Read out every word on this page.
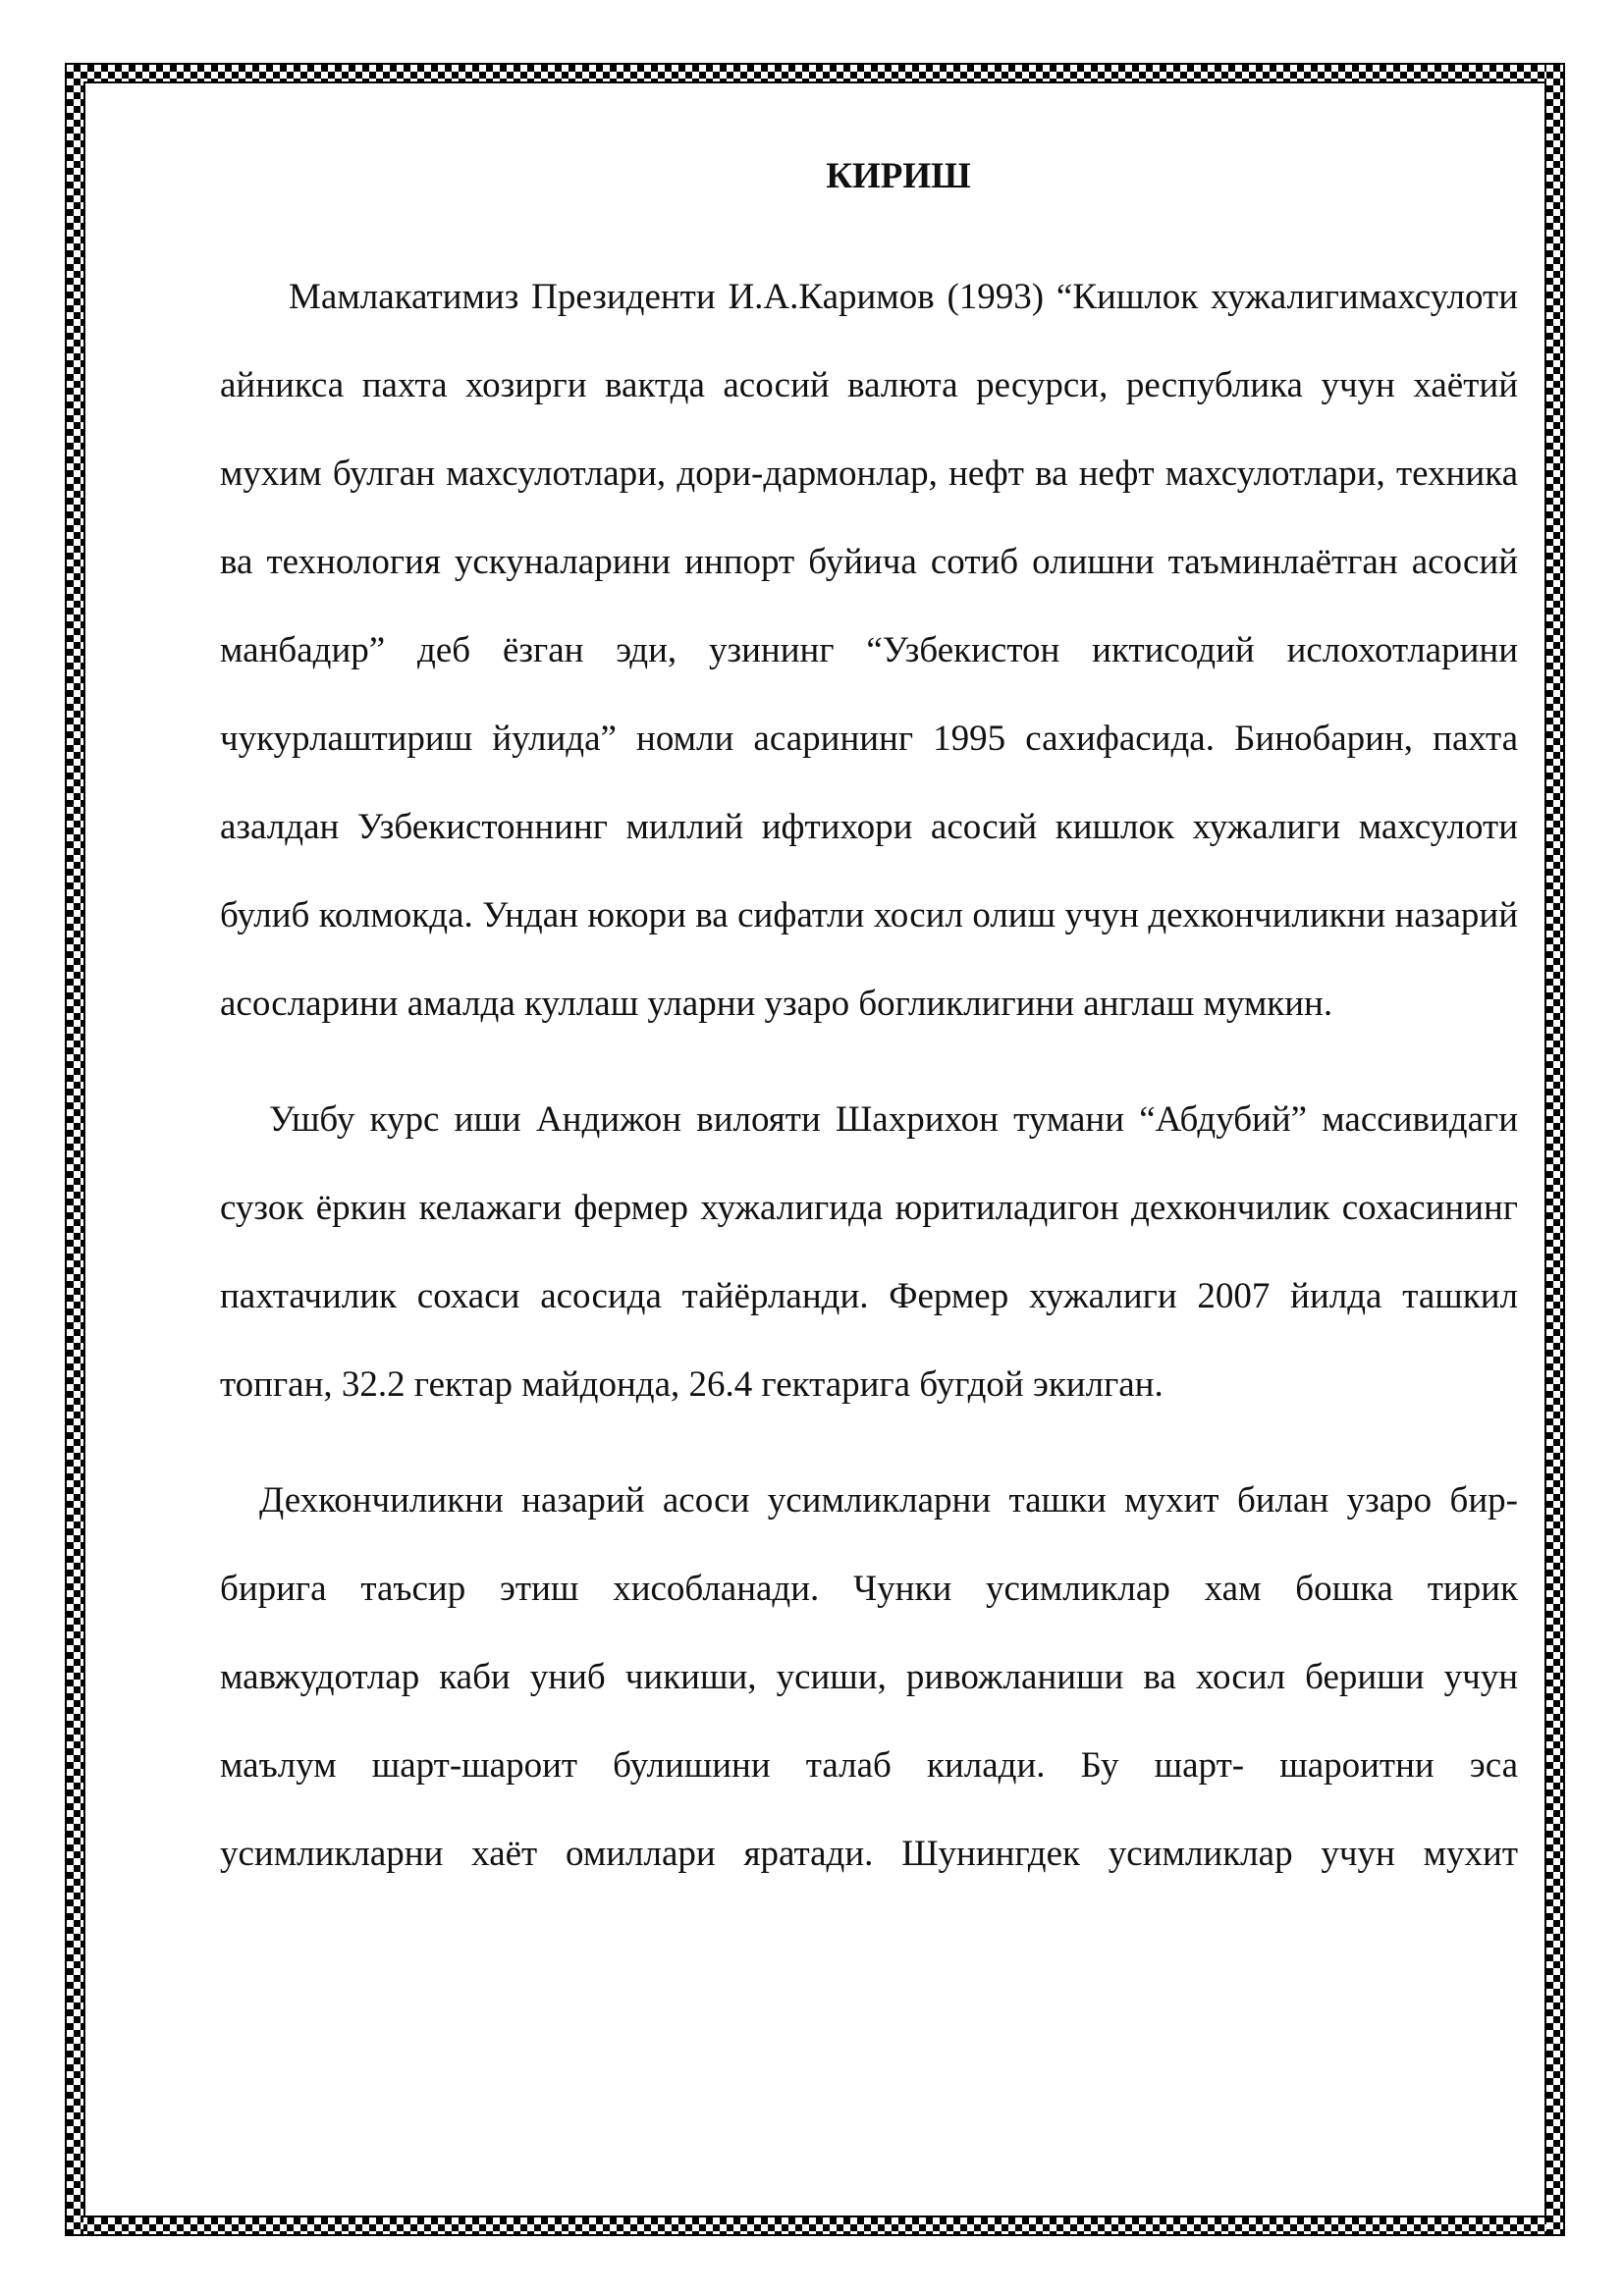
КИРИШ

Мамлакатимиз Президенти И.А.Каримов (1993) “Кишлок хужалигимахсулоти айникса пахта хозирги вактда асосий валюта ресурси, республика учун хаётий мухим булган махсулотлари, дори-дармонлар, нефт ва нефт махсулотлари, техника ва технология ускуналарини инпорт буйича сотиб олишни таъминлаётган асосий манбадир” деб ёзган эди, узининг “Узбекистон иктисодий ислохотларини чукурлаштириш йулида” номли асарининг 1995 сахифасида. Бинобарин, пахта азалдан Узбекистоннинг миллий ифтихори асосий кишлок хужалиги махсулоти булиб колмокда. Ундан юкори ва сифатли хосил олиш учун дехкончиликни назарий асосларини амалда куллаш уларни узаро богликлигини англаш мумкин.

Ушбу курс иши Андижон вилояти Шахрихон тумани “Абдубий” массивидаги сузок ёркин келажаги фермер хужалигида юритиладигон дехкончилик сохасининг пахтачилик сохаси асосида тайёрланди. Фермер хужалиги 2007 йилда ташкил топган, 32.2 гектар майдонда, 26.4 гектарига бугдой экилган.

Дехкончиликни назарий асоси усимликларни ташки мухит билан узаро бир-бирига таъсир этиш хисобланади. Чунки усимликлар хам бошка тирик мавжудотлар каби униб чикиши, усиши, ривожланиши ва хосил бериши учун маълум шарт-шароит булишини талаб килади. Бу шарт- шароитни эса усимликларни хаёт омиллари яратади. Шунингдек усимликлар учун мухит
